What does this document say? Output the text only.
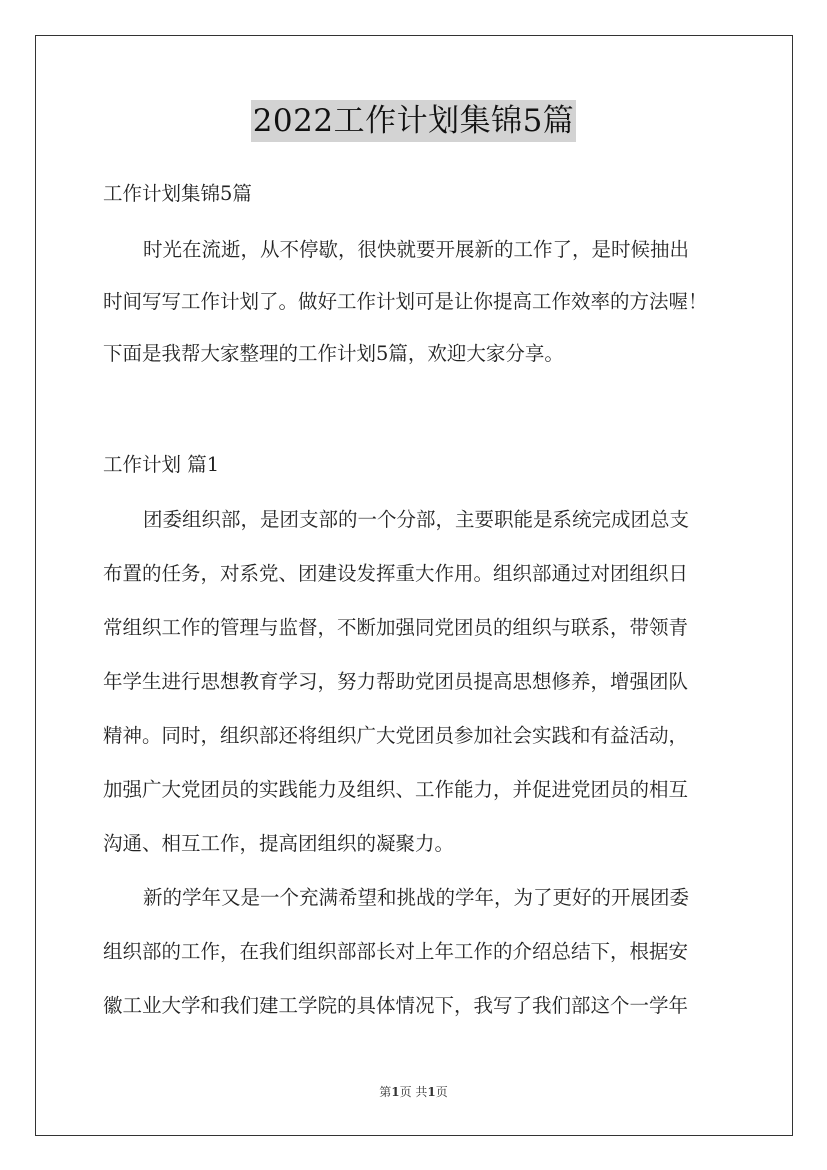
2022工作计划集锦5篇
工作计划集锦5篇
时光在流逝，从不停歇，很快就要开展新的工作了，是时候抽出
时间写写工作计划了。做好工作计划可是让你提高工作效率的方法喔！
下面是我帮大家整理的工作计划5篇，欢迎大家分享。
工作计划 篇1
团委组织部，是团支部的一个分部，主要职能是系统完成团总支
布置的任务，对系党、团建设发挥重大作用。组织部通过对团组织日
常组织工作的管理与监督，不断加强同党团员的组织与联系，带领青
年学生进行思想教育学习，努力帮助党团员提高思想修养，增强团队
精神。同时，组织部还将组织广大党团员参加社会实践和有益活动，
加强广大党团员的实践能力及组织、工作能力，并促进党团员的相互
沟通、相互工作，提高团组织的凝聚力。
新的学年又是一个充满希望和挑战的学年，为了更好的开展团委
组织部的工作，在我们组织部部长对上年工作的介绍总结下，根据安
徽工业大学和我们建工学院的具体情况下，我写了我们部这个一学年
第1页 共1页
